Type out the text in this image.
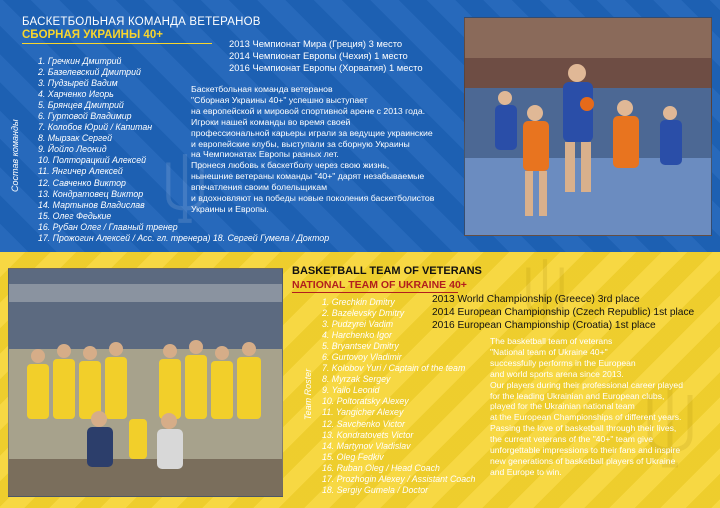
БАСКЕТБОЛЬНАЯ КОМАНДА ВЕТЕРАНОВ
СБОРНАЯ УКРАИНЫ 40+
Состав команды
1. Гречкин Дмитрий
2. Базелевский Дмитрий
3. Пудзырей Вадим
4. Харченко Игорь
5. Брянцев Дмитрий
6. Гуртовой Владимир
7. Колобов Юрий / Капитан
8. Мырзак Сергей
9. Йойло Леонид
10. Полторацкий Алексей
11. Янгичер Алексей
12. Савченко Виктор
13. Кондратовец Виктор
14. Мартынов Владислав
15. Олег Федькие
16. Рубан Олег / Главный тренер
17. Прожогин Алексей / Асс. гл. тренера) 18. Сергей Гумела / Доктор
2013 Чемпионат Мира (Греция) 3 место
2014 Чемпионат Европы (Чехия) 1 место
2016 Чемпионат Европы (Хорватия) 1 место
Баскетбольная команда ветеранов
"Сборная Украины 40+" успешно выступает
на европейской и мировой спортивной арене с 2013 года.
Игроки нашей команды во время своей
профессиональной карьеры играли за ведущие украинские
и европейские клубы, выступали за сборную Украины
на Чемпионатах Европы разных лет.
Пронеся любовь к баскетболу через свою жизнь,
нынешние ветераны команды "40+" дарят незабываемые
впечатления своим болельщикам
и вдохновляют на победы новые поколения баскетболистов
Украины и Европы.
BASKETBALL TEAM OF VETERANS
NATIONAL TEAM OF UKRAINE 40+
Team Roster
1. Grechkin Dmitry
2. Bazelevsky Dmitry
3. Pudzyrei Vadim
4. Harchenko Igor
5. Bryantsev Dmitry
6. Gurtovoy Vladimir
7. Kolobov Yuri / Captain of the team
8. Myrzak Sergey
9. Yailo Leonid
10. Poltoratsky Alexey
11. Yangicher Alexey
12. Savchenko Victor
13. Kondratovets Victor
14. Martynov Vladislav
15. Oleg Fedkiv
16. Ruban Oleg / Head Coach
17. Prozhogin Alexey / Assistant Coach
18. Sergiy Gumela / Doctor
2013 World Championship (Greece) 3rd place
2014 European Championship (Czech Republic) 1st place
2016 European Championship (Croatia) 1st place
The basketball team of veterans
"National team of Ukraine 40+"
successfully performs in the European
and world sports arena since 2013.
Our players during their professional career played
for the leading Ukrainian and European clubs,
played for the Ukrainian national team
at the European Championships of different years.
Passing the love of basketball through their lives,
the current veterans of the "40+" team give
unforgettable impressions to their fans and inspire
new generations of basketball players of Ukraine
and Europe to win.
